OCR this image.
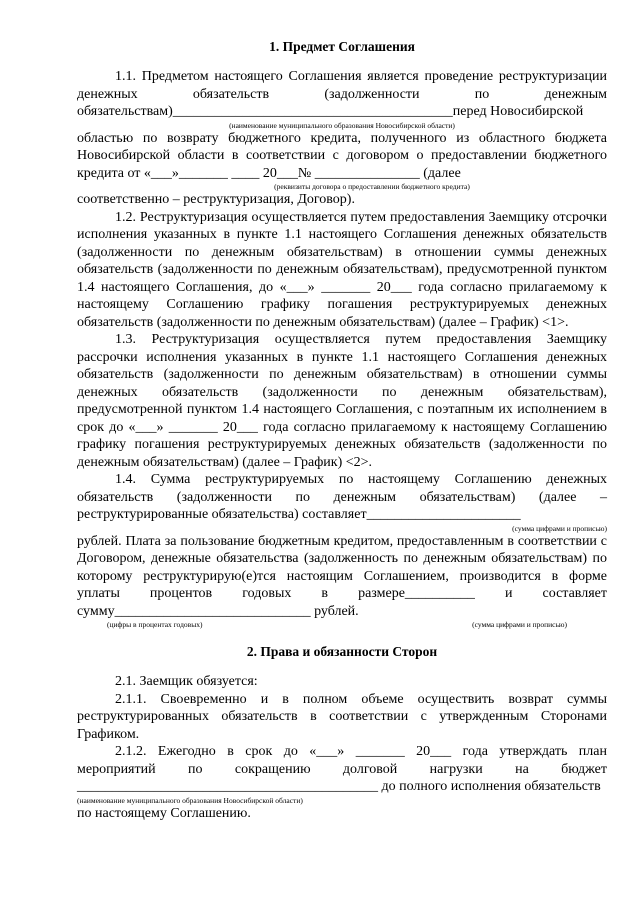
1. Предмет Соглашения

1.1. Предметом настоящего Соглашения является проведение реструктуризации денежных обязательств (задолженности по денежным обязательствам)________________________________________перед Новосибирской

(наименование муниципального образования Новосибирской области)

областью по возврату бюджетного кредита, полученного из областного бюджета Новосибирской области в соответствии с договором о предоставлении бюджетного кредита от «___»_______ ____ 20___№ _______________ (далее

(реквизиты договора о предоставлении бюджетного кредита)

соответственно – реструктуризация, Договор).

1.2. Реструктуризация осуществляется путем предоставления Заемщику отсрочки исполнения указанных в пункте 1.1 настоящего Соглашения денежных обязательств (задолженности по денежным обязательствам) в отношении суммы денежных обязательств (задолженности по денежным обязательствам), предусмотренной пунктом 1.4 настоящего Соглашения, до «___» _______ 20___ года согласно прилагаемому к настоящему Соглашению графику погашения реструктурируемых денежных обязательств (задолженности по денежным обязательствам) (далее – График) <1>.

1.3. Реструктуризация осуществляется путем предоставления Заемщику рассрочки исполнения указанных в пункте 1.1 настоящего Соглашения денежных обязательств (задолженности по денежным обязательствам) в отношении суммы денежных обязательств (задолженности по денежным обязательствам), предусмотренной пунктом 1.4 настоящего Соглашения, с поэтапным их исполнением в срок до «___» _______ 20___ года согласно прилагаемому к настоящему Соглашению графику погашения реструктурируемых денежных обязательств (задолженности по денежным обязательствам) (далее – График) <2>.

1.4. Сумма реструктурируемых по настоящему Соглашению денежных обязательств (задолженности по денежным обязательствам) (далее – реструктурированные обязательства) составляет______________________

(сумма цифрами и прописью)

рублей. Плата за пользование бюджетным кредитом, предоставленным в соответствии с Договором, денежные обязательства (задолженность по денежным обязательствам) по которому реструктурирую(е)тся настоящим Соглашением, производится в форме уплаты процентов годовых в размере__________ и составляет сумму____________________________ рублей.

(цифры в процентах годовых)	(сумма цифрами и прописью)

2. Права и обязанности Сторон

2.1. Заемщик обязуется:

2.1.1. Своевременно и в полном объеме осуществить возврат суммы реструктурированных обязательств в соответствии с утвержденным Сторонами Графиком.

2.1.2. Ежегодно в срок до «___» _______ 20___ года утверждать план мероприятий по сокращению долговой нагрузки на бюджет ___________________________________________ до полного исполнения обязательств

(наименование муниципального образования Новосибирской области)

по настоящему Соглашению.
